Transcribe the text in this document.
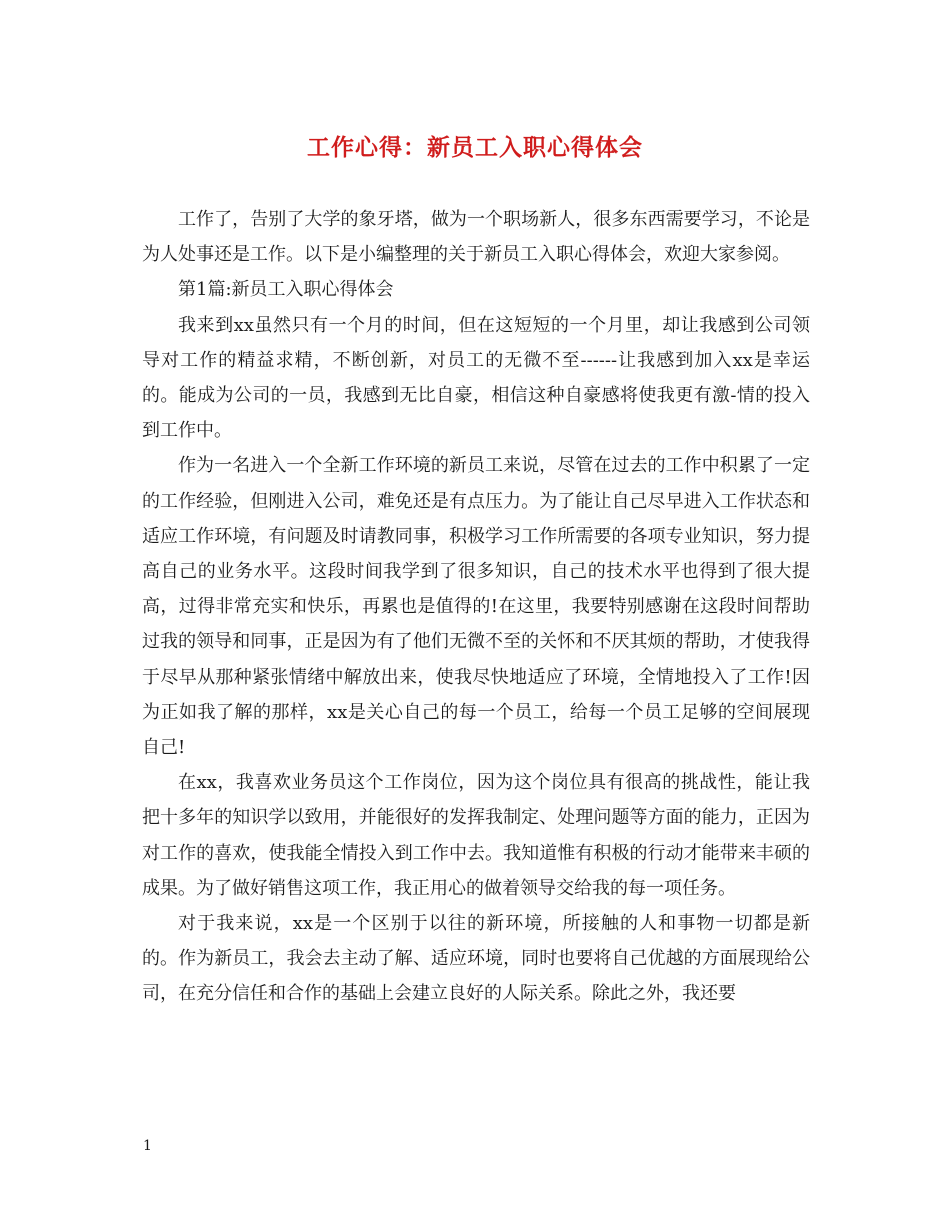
工作心得：新员工入职心得体会

工作了，告别了大学的象牙塔，做为一个职场新人，很多东西需要学习，不论是为人处事还是工作。以下是小编整理的关于新员工入职心得体会，欢迎大家参阅。

第1篇:新员工入职心得体会

我来到xx虽然只有一个月的时间，但在这短短的一个月里，却让我感到公司领导对工作的精益求精，不断创新，对员工的无微不至------让我感到加入xx是幸运的。能成为公司的一员，我感到无比自豪，相信这种自豪感将使我更有激-情的投入到工作中。

作为一名进入一个全新工作环境的新员工来说，尽管在过去的工作中积累了一定的工作经验，但刚进入公司，难免还是有点压力。为了能让自己尽早进入工作状态和适应工作环境，有问题及时请教同事，积极学习工作所需要的各项专业知识，努力提高自己的业务水平。这段时间我学到了很多知识，自己的技术水平也得到了很大提高，过得非常充实和快乐，再累也是值得的!在这里，我要特别感谢在这段时间帮助过我的领导和同事，正是因为有了他们无微不至的关怀和不厌其烦的帮助，才使我得于尽早从那种紧张情绪中解放出来，使我尽快地适应了环境，全情地投入了工作!因为正如我了解的那样，xx是关心自己的每一个员工，给每一个员工足够的空间展现自己!

在xx，我喜欢业务员这个工作岗位，因为这个岗位具有很高的挑战性，能让我把十多年的知识学以致用，并能很好的发挥我制定、处理问题等方面的能力，正因为对工作的喜欢，使我能全情投入到工作中去。我知道惟有积极的行动才能带来丰硕的成果。为了做好销售这项工作，我正用心的做着领导交给我的每一项任务。

对于我来说，xx是一个区别于以往的新环境，所接触的人和事物一切都是新的。作为新员工，我会去主动了解、适应环境，同时也要将自己优越的方面展现给公司，在充分信任和合作的基础上会建立良好的人际关系。除此之外，我还要

1
